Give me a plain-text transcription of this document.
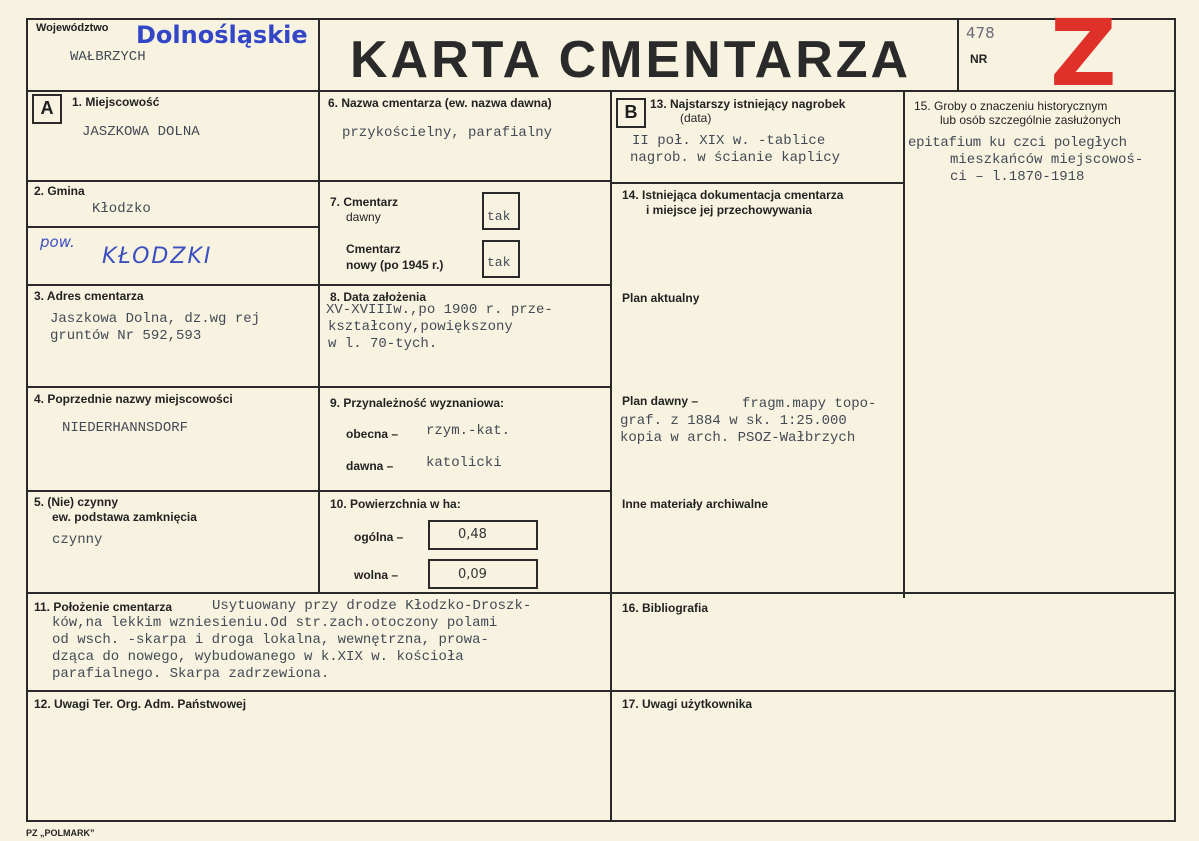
Województwo Dolnośląskie
WAŁBRZYCH	KARTA CMENTARZA	478
NR Z
A	B
1. Miejscowość
JASZKOWA DOLNA
2. Gmina
Kłodzko
pow.
KŁODZKI
3. Adres cmentarza
Jaszkowa Dolna, dz.wg rej
gruntów Nr 592,593
4. Poprzednie nazwy miejscowości
NIEDERHANNSDORF
5. (Nie) czynny
ew. podstawa zamknięcia
czynny
6. Nazwa cmentarza (ew. nazwa dawna)
przykościelny, parafialny
7. Cmentarz
dawny	tak
Cmentarz
nowy (po 1945 r.)	tak
8. Data założenia
XV-XVIIIw.,po 1900 r. prze-
kształcony,powiększony
w l. 70-tych.
9. Przynależność wyznaniowa:
obecna – rzym.-kat.
dawna – katolicki
10. Powierzchnia w ha:
ogólna –	0,48
wolna –	0,09
13. Najstarszy istniejący nagrobek
(data)
II poł. XIX w. -tablice
nagrob. w ścianie kaplicy
14. Istniejąca dokumentacja cmentarza
i miejsce jej przechowywania
Plan aktualny
Plan dawny –	fragm.mapy topo-
graf. z 1884 w sk. 1:25.000
kopia w arch. PSOZ-Wałbrzych
Inne materiały archiwalne
15. Groby o znaczeniu historycznym
lub osób szczególnie zasłużonych
epitafium ku czci poległych
mieszkańców miejscowoś-
ci – l.1870-1918
11. Położenie cmentarza	Usytuowany przy drodze Kłodzko-Droszk-
ków,na lekkim wzniesieniu.Od str.zach.otoczony polami
od wsch. -skarpa i droga lokalna, wewnętrzna, prowa-
dząca do nowego, wybudowanego w k.XIX w. kościoła
parafialnego. Skarpa zadrzewiona.
16. Bibliografia
12. Uwagi Ter. Org. Adm. Państwowej	17. Uwagi użytkownika
PZ „POLMARK”
